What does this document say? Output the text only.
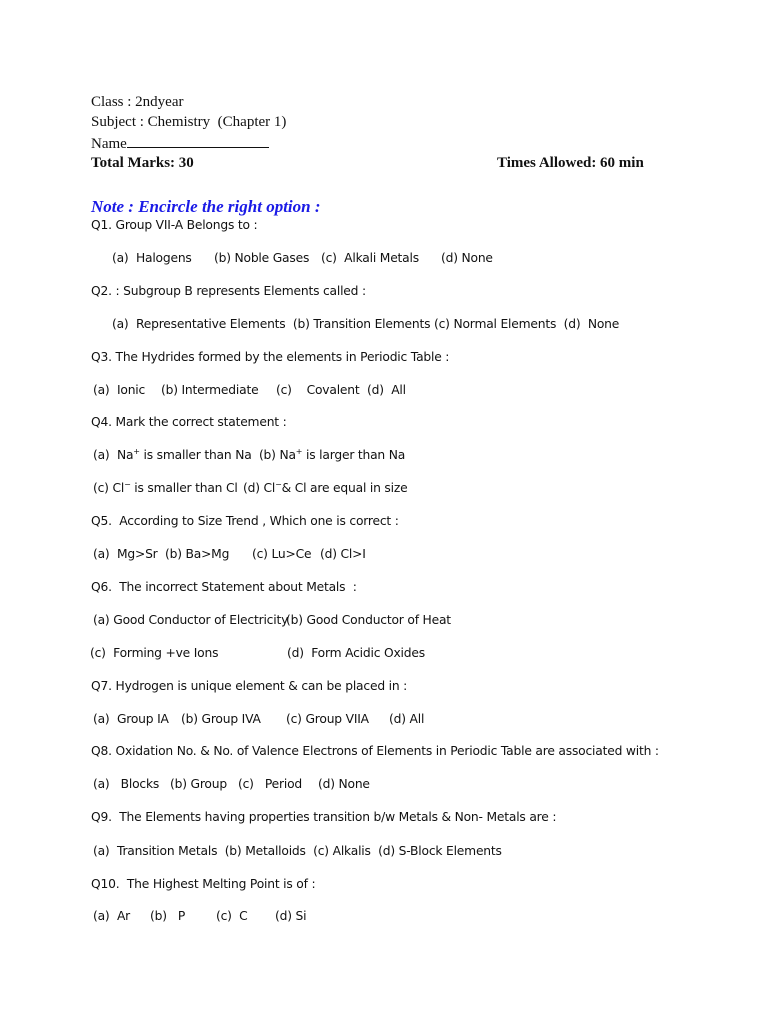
Class : 2ndyear
Subject : Chemistry  (Chapter 1)
Name
Total Marks: 30	Times Allowed: 60 min
Note : Encircle the right option :
Q1. Group VII-A Belongs to :
(a)  Halogens (b) Noble Gases (c)  Alkali Metals (d) None
Q2. : Subgroup B represents Elements called :
(a)  Representative Elements  (b) Transition Elements (c) Normal Elements  (d)  None
Q3. The Hydrides formed by the elements in Periodic Table :
(a)  Ionic (b) Intermediate (c)    Covalent (d)  All
Q4. Mark the correct statement :
(a)  Na+ is smaller than Na  (b) Na+ is larger than Na
(c) Cl− is smaller than Cl (d) Cl−& Cl are equal in size
Q5.  According to Size Trend , Which one is correct :
(a)  Mg>Sr (b) Ba>Mg (c) Lu>Ce (d) Cl>I
Q6.  The incorrect Statement about Metals  :
(a) Good Conductor of Electricity
(b) Good Conductor of Heat
(c)  Forming +ve Ions	(d)  Form Acidic Oxides
Q7. Hydrogen is unique element & can be placed in :
(a)  Group IA (b) Group IVA (c) Group VIIA (d) All
Q8. Oxidation No. & No. of Valence Electrons of Elements in Periodic Table are associated with :
(a)   Blocks (b) Group (c)   Period (d) None
Q9.  The Elements having properties transition b/w Metals & Non- Metals are :
(a)  Transition Metals  (b) Metalloids  (c) Alkalis  (d) S-Block Elements
Q10.  The Highest Melting Point is of :
(a)  Ar (b)   P	(c)  C (d) Si
